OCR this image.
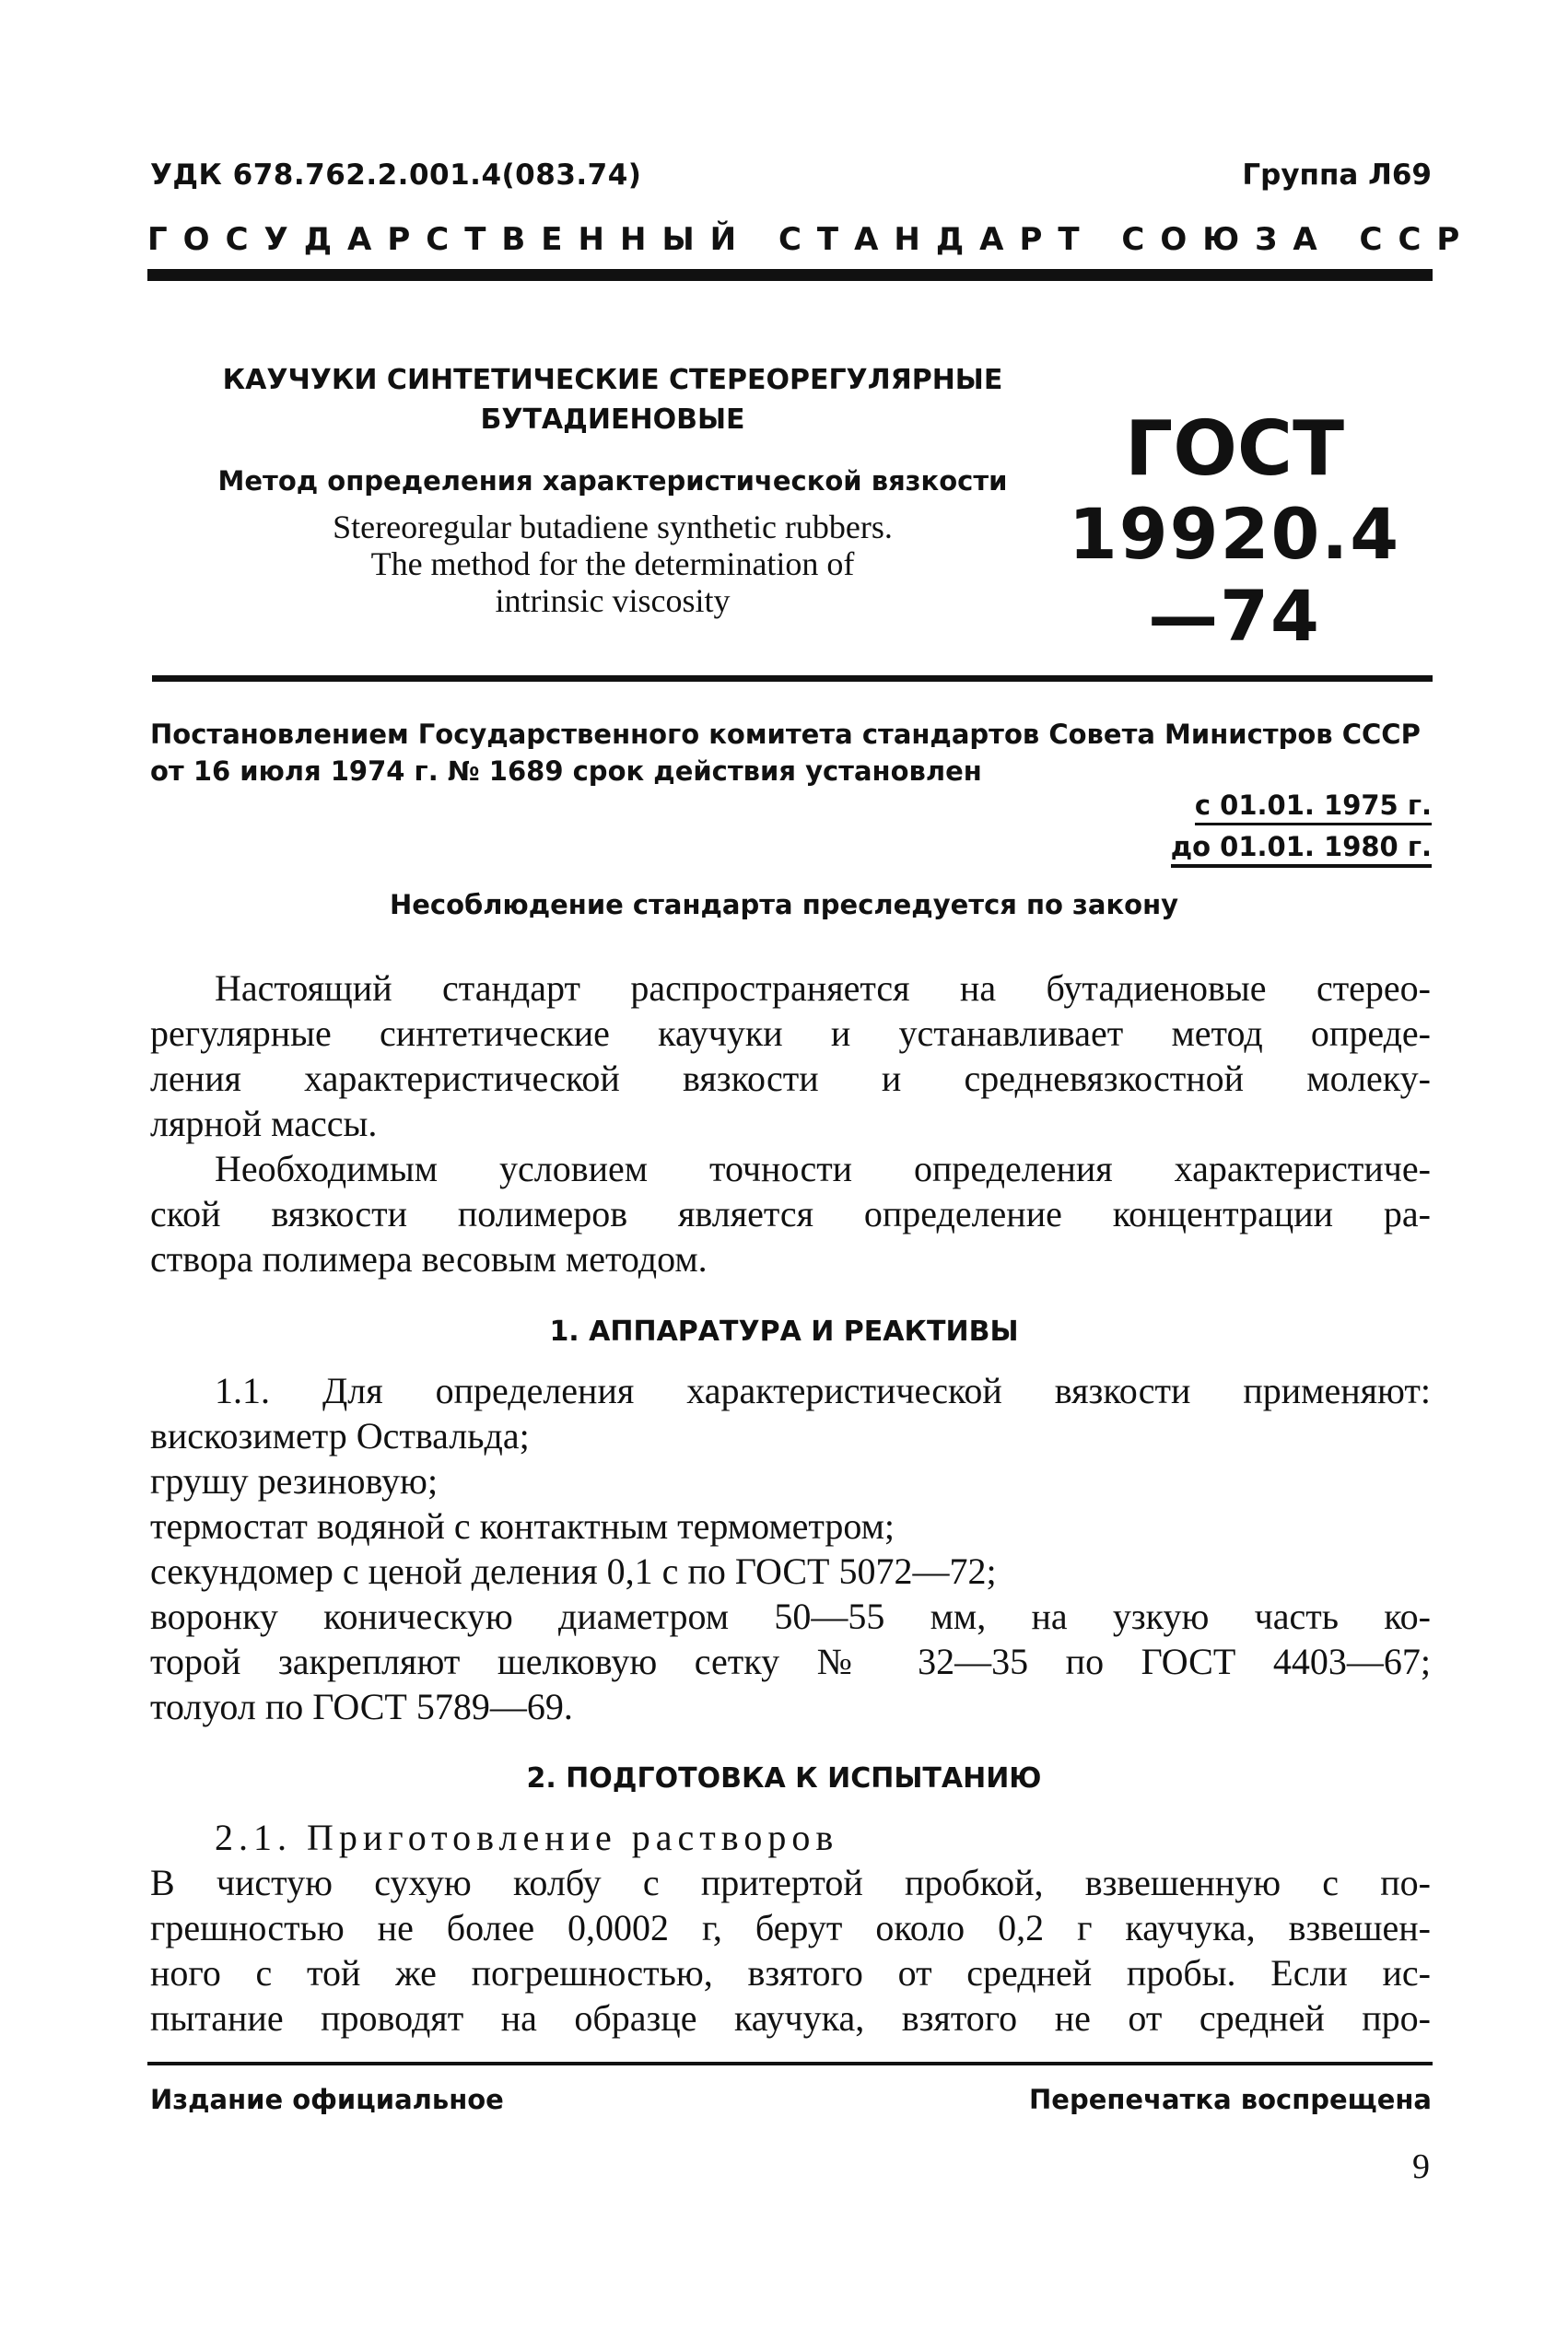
УДК 678.762.2.001.4(083.74)	Группа Л69
ГОСУДАРСТВЕННЫЙ СТАНДАРТ СОЮЗА ССР
КАУЧУКИ СИНТЕТИЧЕСКИЕ СТЕРЕОРЕГУЛЯРНЫЕ
БУТАДИЕНОВЫЕ
Метод определения характеристической вязкости
Stereoregular butadiene synthetic rubbers.
The method for the determination of
intrinsic viscosity
ГОСТ
19920.4—74
Постановлением Государственного комитета стандартов Совета Министров СССР
от 16 июля 1974 г. № 1689 срок действия установлен
с 01.01. 1975 г.
до 01.01. 1980 г.
Несоблюдение стандарта преследуется по закону
Настоящий стандарт распространяется на бутадиеновые стерео-
регулярные синтетические каучуки и устанавливает метод опреде-
ления характеристической вязкости и средневязкостной молеку-
лярной массы.
Необходимым условием точности определения характеристиче-
ской вязкости полимеров является определение концентрации ра-
створа полимера весовым методом.
1. АППАРАТУРА И РЕАКТИВЫ
1.1. Для определения характеристической вязкости применяют:
вискозиметр Оствальда;
грушу резиновую;
термостат водяной с контактным термометром;
секундомер с ценой деления 0,1 с по ГОСТ 5072—72;
воронку коническую диаметром 50—55 мм, на узкую часть ко-
торой закрепляют шелковую сетку № 32—35 по ГОСТ 4403—67;
толуол по ГОСТ 5789—69.
2. ПОДГОТОВКА К ИСПЫТАНИЮ
2.1. Приготовление растворов
В чистую сухую колбу с притертой пробкой, взвешенную с по-
грешностью не более 0,0002 г, берут около 0,2 г каучука, взвешен-
ного с той же погрешностью, взятого от средней пробы. Если ис-
пытание проводят на образце каучука, взятого не от средней про-
Издание официальное	Перепечатка воспрещена
9
